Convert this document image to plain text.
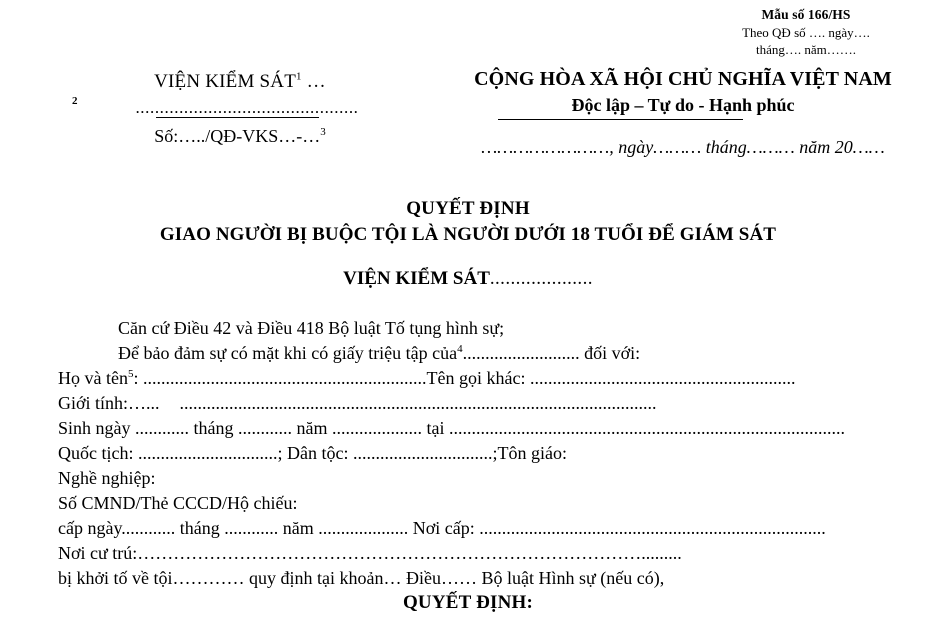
Mẫu số 166/HS
Theo QĐ số …. ngày….
tháng…. năm…….
VIỆN KIỂM SÁT$^1$ …
2	..............................................
Số:…../QĐ-VKS…-…$^3$
CỘNG HÒA XÃ HỘI CHỦ NGHĨA VIỆT NAM
Độc lập – Tự do - Hạnh phúc
……………………, ngày……… tháng……… năm 20……
QUYẾT ĐỊNH
GIAO NGƯỜI BỊ BUỘC TỘI LÀ NGƯỜI DƯỚI 18 TUỔI ĐỂ GIÁM SÁT
VIỆN KIỂM SÁT....................
Căn cứ Điều 42 và Điều 418 Bộ luật Tố tụng hình sự;
Để bảo đảm sự có mặt khi có giấy triệu tập của$^4$.......................... đối với:
Họ và tên$^5$: ...............................................................Tên gọi khác: ...........................................................
Giới tính:…... ..........................................................................................................
Sinh ngày ............ tháng ............ năm .................... tại ........................................................................................
Quốc tịch: ...............................; Dân tộc: ...............................;Tôn giáo:
Nghề nghiệp:
Số CMND/Thẻ CCCD/Hộ chiếu:
cấp ngày............ tháng ............ năm .................... Nơi cấp: .............................................................................
Nơi cư trú:………………………………………………………………………….........
bị khởi tố về tội………… quy định tại khoản… Điều…… Bộ luật Hình sự (nếu có),
QUYẾT ĐỊNH:
